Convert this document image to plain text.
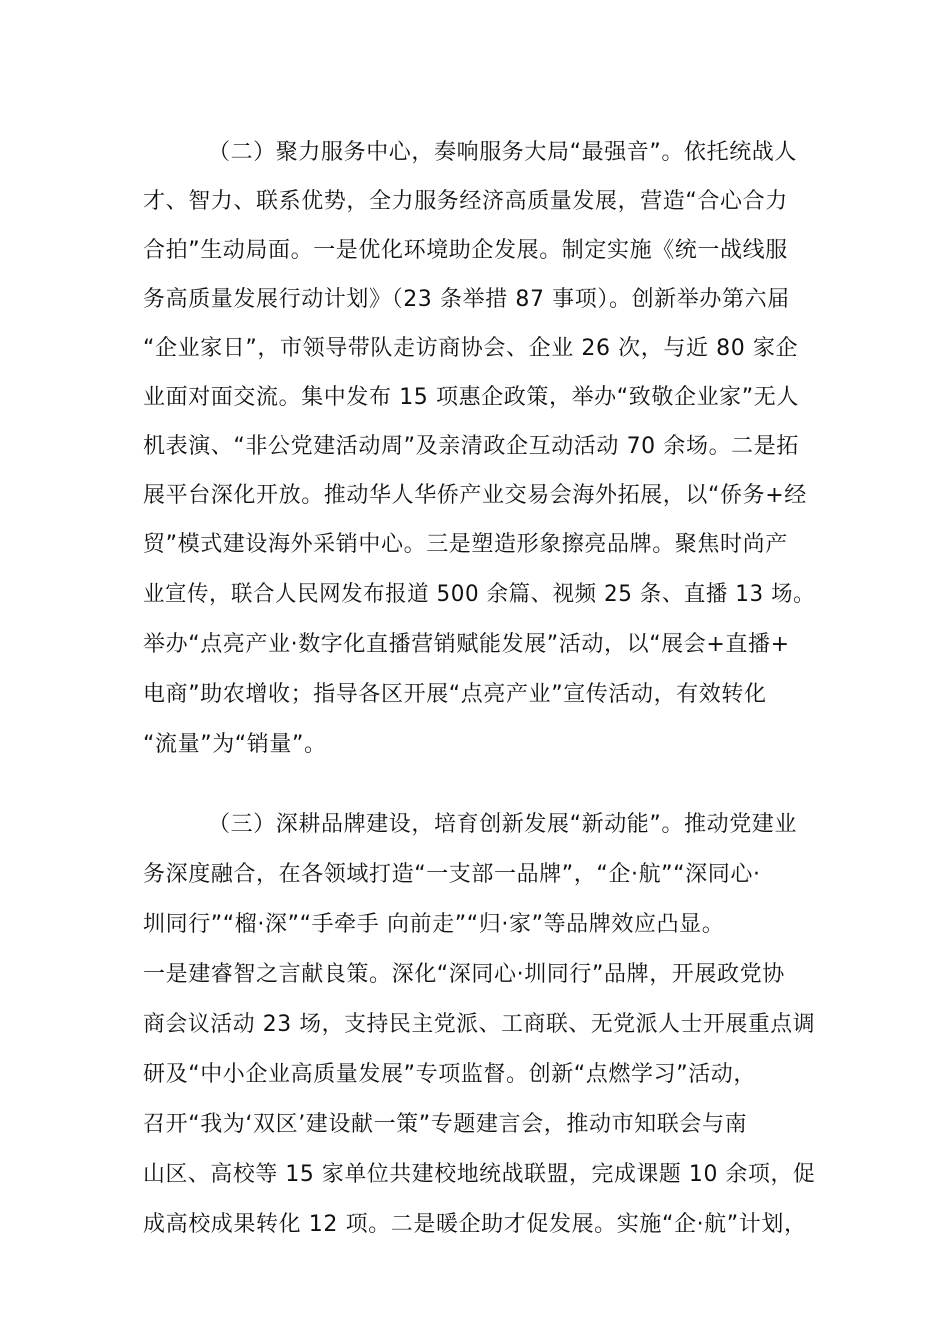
（二）聚力服务中心，奏响服务大局“最强音”。依托统战人
才、智力、联系优势，全力服务经济高质量发展，营造“合心合力
合拍”生动局面。一是优化环境助企发展。制定实施《统一战线服
务高质量发展行动计划》（23 条举措 87 事项）。创新举办第六届
“企业家日”，市领导带队走访商协会、企业 26 次，与近 80 家企
业面对面交流。集中发布 15 项惠企政策，举办“致敬企业家”无人
机表演、“非公党建活动周”及亲清政企互动活动 70 余场。二是拓
展平台深化开放。推动华人华侨产业交易会海外拓展，以“侨务+经
贸”模式建设海外采销中心。三是塑造形象擦亮品牌。聚焦时尚产
业宣传，联合人民网发布报道 500 余篇、视频 25 条、直播 13 场。
举办“点亮产业·数字化直播营销赋能发展”活动，以“展会+直播+
电商”助农增收；指导各区开展“点亮产业”宣传活动，有效转化
“流量”为“销量”。
（三）深耕品牌建设，培育创新发展“新动能”。推动党建业
务深度融合，在各领域打造“一支部一品牌”，“企·航”“深同心·
圳同行”“榴·深”“手牵手 向前走”“归·家”等品牌效应凸显。
一是建睿智之言献良策。深化“深同心·圳同行”品牌，开展政党协
商会议活动 23 场，支持民主党派、工商联、无党派人士开展重点调
研及“中小企业高质量发展”专项监督。创新“点燃学习”活动，
召开“我为‘双区’建设献一策”专题建言会，推动市知联会与南
山区、高校等 15 家单位共建校地统战联盟，完成课题 10 余项，促
成高校成果转化 12 项。二是暖企助才促发展。实施“企·航”计划，
